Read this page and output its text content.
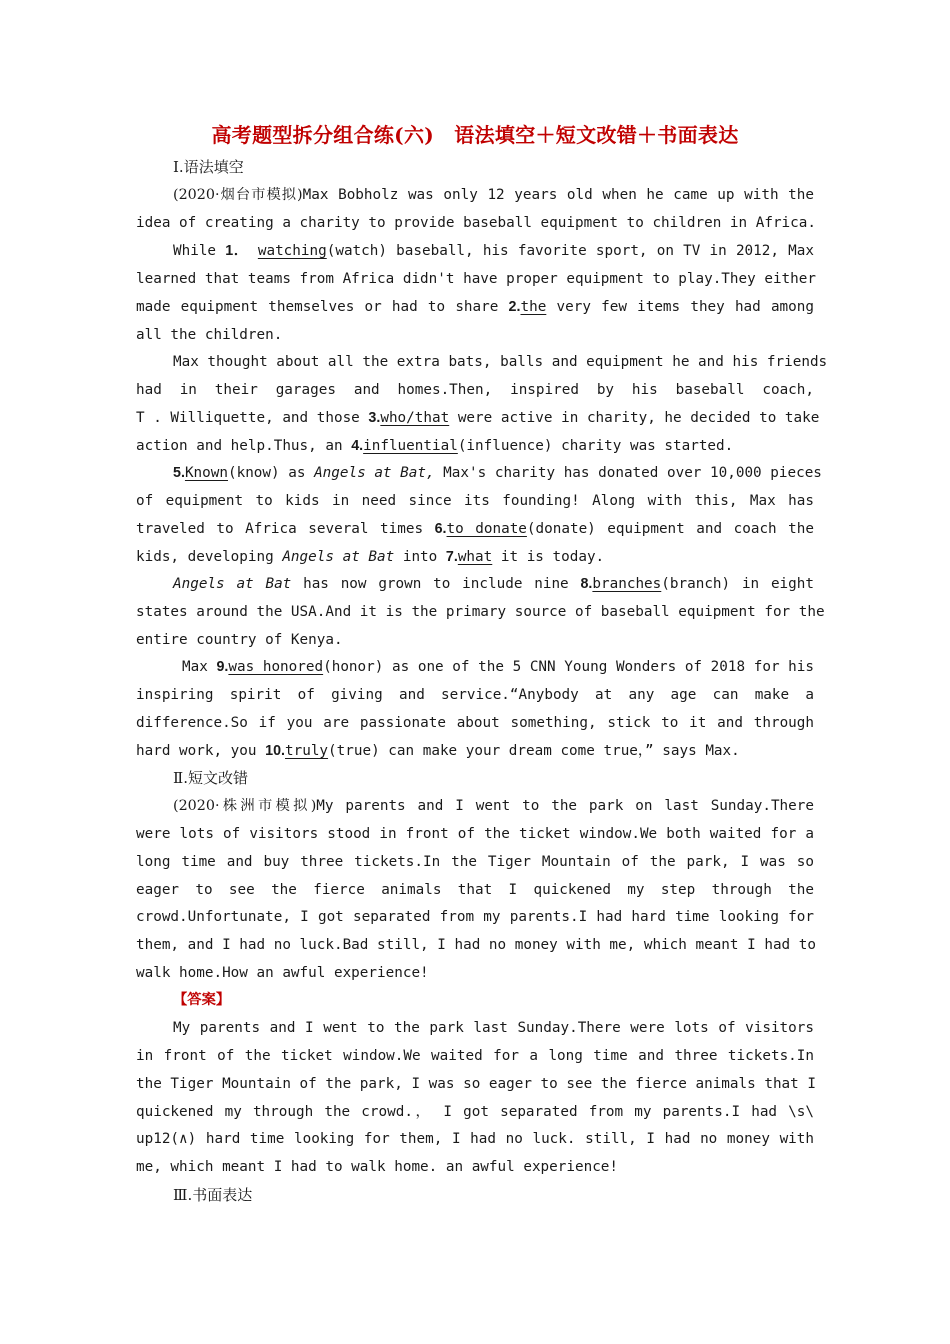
高考题型拆分组合练(六)　语法填空＋短文改错＋书面表达
Ⅰ.语法填空
(2020·烟台市模拟)Max Bobholz was only 12 years old when he came up with the
idea of creating a charity to provide baseball equipment to children in Africa.
While 1． watching(watch) baseball, his favorite sport, on TV in 2012, Max
learned that teams from Africa didn't have proper equipment to play.They either
made equipment themselves or had to share 2.the very few items they had among
all the children.
Max thought about all the extra bats, balls and equipment he and his friends
had in their garages and homes.Then, inspired by his baseball coach,
T . Williquette, and those 3.who/that were active in charity, he decided to take
action and help.Thus, an 4.influential(influence) charity was started.
5.Known(know) as Angels at Bat, Max's charity has donated over 10,000 pieces
of equipment to kids in need since its founding! Along with this, Max has
traveled to Africa several times 6.to donate(donate) equipment and coach the
kids, developing Angels at Bat into 7.what it is today.
Angels at Bat has now grown to include nine 8.branches(branch) in eight
states around the USA.And it is the primary source of baseball equipment for the
entire country of Kenya.
Max 9.was honored(honor) as one of the 5 CNN Young Wonders of 2018 for his
inspiring spirit of giving and service.“Anybody at any age can make a
difference.So if you are passionate about something, stick to it and through
hard work, you 10.truly(true) can make your dream come true，” says Max.
Ⅱ.短文改错
(2020·株洲市模拟)My parents and I went to the park on last Sunday.There
were lots of visitors stood in front of the ticket window.We both waited for a
long time and buy three tickets.In the Tiger Mountain of the park, I was so
eager to see the fierce animals that I quickened my step through the
crowd.Unfortunate, I got separated from my parents.I had hard time looking for
them, and I had no luck.Bad still, I had no money with me, which meant I had to
walk home.How an awful experience!
【答案】
My parents and I went to the park last Sunday.There were lots of visitors
in front of the ticket window.We waited for a long time and three tickets.In
the Tiger Mountain of the park, I was so eager to see the fierce animals that I
quickened my through the crowd.， I got separated from my parents.I had \s\
up12(∧) hard time looking for them, I had no luck. still, I had no money with
me, which meant I had to walk home. an awful experience!
Ⅲ.书面表达
